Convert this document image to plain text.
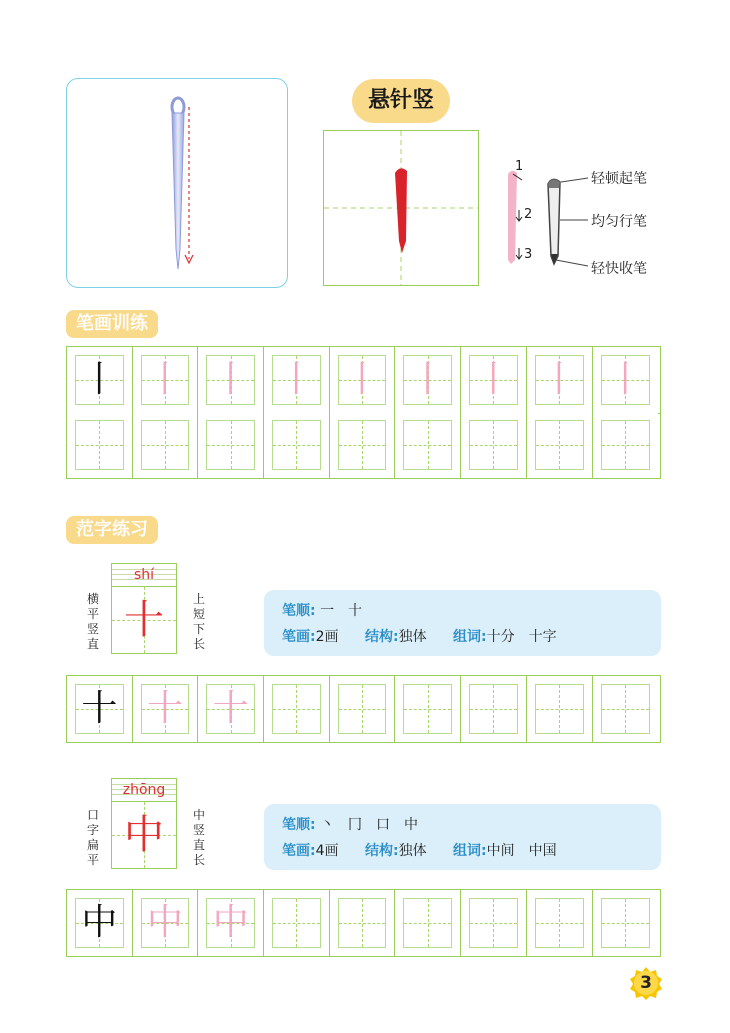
悬针竖
1
2
3
轻顿起笔
均匀行笔
轻快收笔
笔画训练
丨 丨 丨 丨 丨 丨 丨 丨 丨
范字练习
横
平
竖
直
shí
十	上
短
下
长
笔顺: 一　十
笔画:2画 结构:独体 组词:十分　十字
十 十 十
口
字
扁
平
zhōng
中	中
竖
直
长
笔顺: 丶　冂　口　中
笔画:4画 结构:独体 组词:中间　中国
中 中 中
3
